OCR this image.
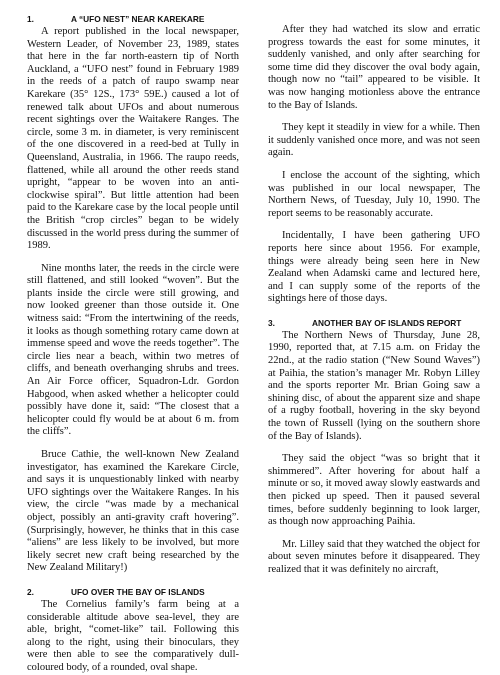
1.	A “UFO NEST” NEAR KAREKARE

A report published in the local newspaper, Western Leader, of November 23, 1989, states that here in the far north-eastern tip of North Auckland, a “UFO nest” found in February 1989 in the reeds of a patch of raupo swamp near Karekare (35° 12S., 173° 59E.) caused a lot of renewed talk about UFOs and about numerous recent sightings over the Waitakere Ranges. The circle, some 3 m. in diameter, is very reminiscent of the one discovered in a reed-bed at Tully in Queensland, Australia, in 1966. The raupo reeds, flattened, while all around the other reeds stand upright, “appear to be woven into an anti-clockwise spiral”. But little attention had been paid to the Karekare case by the local people until the British “crop circles” began to be widely discussed in the world press during the summer of 1989.

Nine months later, the reeds in the circle were still flattened, and still looked “woven”. But the plants inside the circle were still growing, and now looked greener than those outside it. One witness said: “From the intertwining of the reeds, it looks as though something rotary came down at immense speed and wove the reeds together”. The circle lies near a beach, within two metres of cliffs, and beneath overhanging shrubs and trees. An Air Force officer, Squadron-Ldr. Gordon Habgood, when asked whether a helicopter could possibly have done it, said: “The closest that a helicopter could fly would be at about 6 m. from the cliffs”.

Bruce Cathie, the well-known New Zealand investigator, has examined the Karekare Circle, and says it is unquestionably linked with nearby UFO sightings over the Waitakere Ranges. In his view, the circle “was made by a mechanical object, possibly an anti-gravity craft hovering”. (Surprisingly, however, he thinks that in this case “aliens” are less likely to be involved, but more likely secret new craft being researched by the New Zealand Military!)

2.	UFO OVER THE BAY OF ISLANDS

The Cornelius family’s farm being at a considerable altitude above sea-level, they are able, bright, “comet-like” tail. Following this along to the right, using their binoculars, they were then able to see the comparatively dull-coloured body, of a rounded, oval shape.

After they had watched its slow and erratic progress towards the east for some minutes, it suddenly vanished, and only after searching for some time did they discover the oval body again, though now no “tail” appeared to be visible. It was now hanging motionless above the entrance to the Bay of Islands.

They kept it steadily in view for a while. Then it suddenly vanished once more, and was not seen again.

I enclose the account of the sighting, which was published in our local newspaper, The Northern News, of Tuesday, July 10, 1990. The report seems to be reasonably accurate.

Incidentally, I have been gathering UFO reports here since about 1956. For example, things were already being seen here in New Zealand when Adamski came and lectured here, and I can supply some of the reports of the sightings here of those days.

3.	ANOTHER BAY OF ISLANDS REPORT

The Northern News of Thursday, June 28, 1990, reported that, at 7.15 a.m. on Friday the 22nd., at the radio station (“New Sound Waves”) at Paihia, the station’s manager Mr. Robyn Lilley and the sports reporter Mr. Brian Going saw a shining disc, of about the apparent size and shape of a rugby football, hovering in the sky beyond the town of Russell (lying on the southern shore of the Bay of Islands).

They said the object “was so bright that it shimmered”. After hovering for about half a minute or so, it moved away slowly eastwards and then picked up speed. Then it paused several times, before suddenly beginning to look larger, as though now approaching Paihia.

Mr. Lilley said that they watched the object for about seven minutes before it disappeared. They realized that it was definitely no aircraft,
